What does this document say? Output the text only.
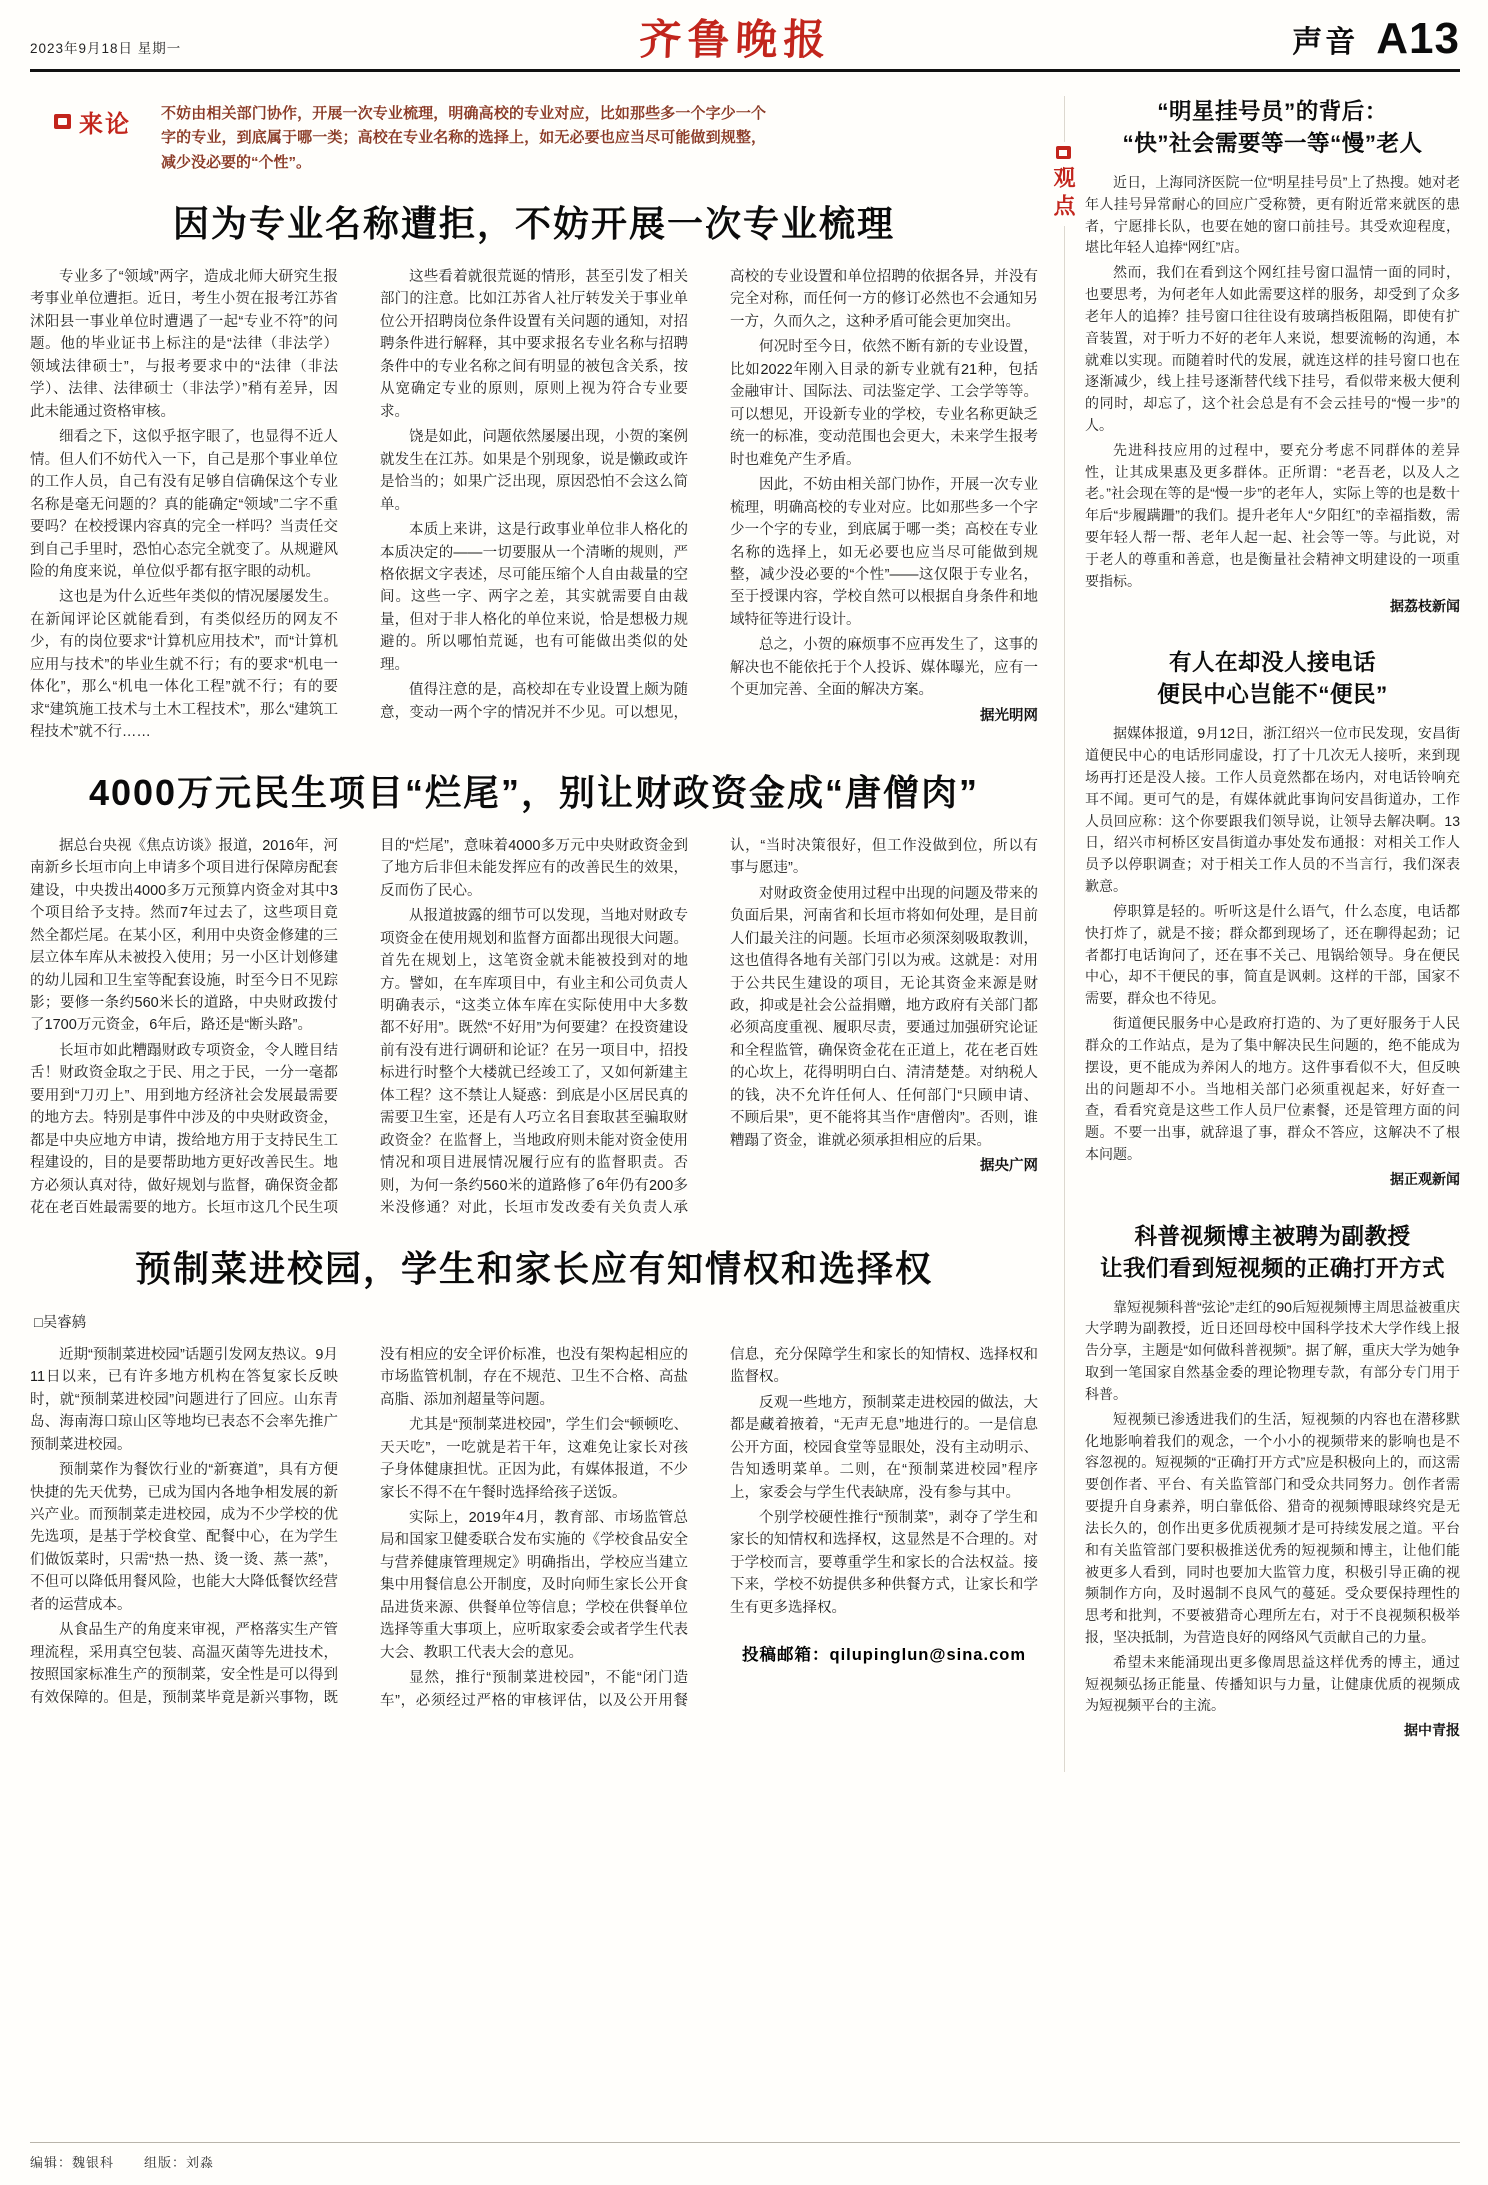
2023年9月18日 星期一	齐鲁晚报	声音 A13
来论 不妨由相关部门协作，开展一次专业梳理，明确高校的专业对应，比如那些多一个字少一个字的专业，到底属于哪一类；高校在专业名称的选择上，如无必要也应当尽可能做到规整，减少没必要的“个性”。
因为专业名称遭拒，不妨开展一次专业梳理

专业多了“领域”两字，造成北师大研究生报考事业单位遭拒。近日，考生小贺在报考江苏省沭阳县一事业单位时遭遇了一起“专业不符”的问题。他的毕业证书上标注的是“法律（非法学）领域法律硕士”，与报考要求中的“法律（非法学）、法律、法律硕士（非法学）”稍有差异，因此未能通过资格审核。

细看之下，这似乎抠字眼了，也显得不近人情。但人们不妨代入一下，自己是那个事业单位的工作人员，自己有没有足够自信确保这个专业名称是毫无问题的？真的能确定“领域”二字不重要吗？在校授课内容真的完全一样吗？当责任交到自己手里时，恐怕心态完全就变了。从规避风险的角度来说，单位似乎都有抠字眼的动机。

这也是为什么近些年类似的情况屡屡发生。在新闻评论区就能看到，有类似经历的网友不少，有的岗位要求“计算机应用技术”，而“计算机应用与技术”的毕业生就不行；有的要求“机电一体化”，那么“机电一体化工程”就不行；有的要求“建筑施工技术与土木工程技术”，那么“建筑工程技术”就不行……

这些看着就很荒诞的情形，甚至引发了相关部门的注意。比如江苏省人社厅转发关于事业单位公开招聘岗位条件设置有关问题的通知，对招聘条件进行解释，其中要求报名专业名称与招聘条件中的专业名称之间有明显的被包含关系，按从宽确定专业的原则，原则上视为符合专业要求。

饶是如此，问题依然屡屡出现，小贺的案例就发生在江苏。如果是个别现象，说是懒政或许是恰当的；如果广泛出现，原因恐怕不会这么简单。

本质上来讲，这是行政事业单位非人格化的本质决定的——一切要服从一个清晰的规则，严格依据文字表述，尽可能压缩个人自由裁量的空间。这些一字、两字之差，其实就需要自由裁量，但对于非人格化的单位来说，恰是想极力规避的。所以哪怕荒诞，也有可能做出类似的处理。

值得注意的是，高校却在专业设置上颇为随意，变动一两个字的情况并不少见。可以想见，高校的专业设置和单位招聘的依据各异，并没有完全对称，而任何一方的修订必然也不会通知另一方，久而久之，这种矛盾可能会更加突出。

何况时至今日，依然不断有新的专业设置，比如2022年刚入目录的新专业就有21种，包括金融审计、国际法、司法鉴定学、工会学等等。可以想见，开设新专业的学校，专业名称更缺乏统一的标准，变动范围也会更大，未来学生报考时也难免产生矛盾。

因此，不妨由相关部门协作，开展一次专业梳理，明确高校的专业对应。比如那些多一个字少一个字的专业，到底属于哪一类；高校在专业名称的选择上，如无必要也应当尽可能做到规整，减少没必要的“个性”——这仅限于专业名，至于授课内容，学校自然可以根据自身条件和地域特征等进行设计。

总之，小贺的麻烦事不应再发生了，这事的解决也不能依托于个人投诉、媒体曝光，应有一个更加完善、全面的解决方案。

据光明网

4000万元民生项目“烂尾”，别让财政资金成“唐僧肉”

据总台央视《焦点访谈》报道，2016年，河南新乡长垣市向上申请多个项目进行保障房配套建设，中央拨出4000多万元预算内资金对其中3个项目给予支持。然而7年过去了，这些项目竟然全都烂尾。在某小区，利用中央资金修建的三层立体车库从未被投入使用；另一小区计划修建的幼儿园和卫生室等配套设施，时至今日不见踪影；要修一条约560米长的道路，中央财政拨付了1700万元资金，6年后，路还是“断头路”。

长垣市如此糟蹋财政专项资金，令人瞠目结舌！财政资金取之于民、用之于民，一分一毫都要用到“刀刃上”、用到地方经济社会发展最需要的地方去。特别是事件中涉及的中央财政资金，都是中央应地方申请，拨给地方用于支持民生工程建设的，目的是要帮助地方更好改善民生。地方必须认真对待，做好规划与监督，确保资金都花在老百姓最需要的地方。长垣市这几个民生项目的“烂尾”，意味着4000多万元中央财政资金到了地方后非但未能发挥应有的改善民生的效果，反而伤了民心。

从报道披露的细节可以发现，当地对财政专项资金在使用规划和监督方面都出现很大问题。首先在规划上，这笔资金就未能被投到对的地方。譬如，在车库项目中，有业主和公司负责人明确表示，“这类立体车库在实际使用中大多数都不好用”。既然“不好用”为何要建？在投资建设前有没有进行调研和论证？在另一项目中，招投标进行时整个大楼就已经竣工了，又如何新建主体工程？这不禁让人疑惑：到底是小区居民真的需要卫生室，还是有人巧立名目套取甚至骗取财政资金？在监督上，当地政府则未能对资金使用情况和项目进展情况履行应有的监督职责。否则，为何一条约560米的道路修了6年仍有200多米没修通？对此，长垣市发改委有关负责人承认，“当时决策很好，但工作没做到位，所以有事与愿违”。

对财政资金使用过程中出现的问题及带来的负面后果，河南省和长垣市将如何处理，是目前人们最关注的问题。长垣市必须深刻吸取教训，这也值得各地有关部门引以为戒。这就是：对用于公共民生建设的项目，无论其资金来源是财政，抑或是社会公益捐赠，地方政府有关部门都必须高度重视、履职尽责，要通过加强研究论证和全程监管，确保资金花在正道上，花在老百姓的心坎上，花得明明白白、清清楚楚。对纳税人的钱，决不允许任何人、任何部门“只顾申请、不顾后果”，更不能将其当作“唐僧肉”。否则，谁糟蹋了资金，谁就必须承担相应的后果。

据央广网

预制菜进校园，学生和家长应有知情权和选择权
□吴睿鸫

近期“预制菜进校园”话题引发网友热议。9月11日以来，已有许多地方机构在答复家长反映时，就“预制菜进校园”问题进行了回应。山东青岛、海南海口琼山区等地均已表态不会率先推广预制菜进校园。

预制菜作为餐饮行业的“新赛道”，具有方便快捷的先天优势，已成为国内各地争相发展的新兴产业。而预制菜走进校园，成为不少学校的优先选项，是基于学校食堂、配餐中心，在为学生们做饭菜时，只需“热一热、烫一烫、蒸一蒸”，不但可以降低用餐风险，也能大大降低餐饮经营者的运营成本。

从食品生产的角度来审视，严格落实生产管理流程，采用真空包装、高温灭菌等先进技术，按照国家标准生产的预制菜，安全性是可以得到有效保障的。但是，预制菜毕竟是新兴事物，既没有相应的安全评价标准，也没有架构起相应的市场监管机制，存在不规范、卫生不合格、高盐高脂、添加剂超量等问题。

尤其是“预制菜进校园”，学生们会“顿顿吃、天天吃”，一吃就是若干年，这难免让家长对孩子身体健康担忧。正因为此，有媒体报道，不少家长不得不在午餐时选择给孩子送饭。

实际上，2019年4月，教育部、市场监管总局和国家卫健委联合发布实施的《学校食品安全与营养健康管理规定》明确指出，学校应当建立集中用餐信息公开制度，及时向师生家长公开食品进货来源、供餐单位等信息；学校在供餐单位选择等重大事项上，应听取家委会或者学生代表大会、教职工代表大会的意见。

显然，推行“预制菜进校园”，不能“闭门造车”，必须经过严格的审核评估，以及公开用餐信息，充分保障学生和家长的知情权、选择权和监督权。

反观一些地方，预制菜走进校园的做法，大都是藏着掖着，“无声无息”地进行的。一是信息公开方面，校园食堂等显眼处，没有主动明示、告知透明菜单。二则，在“预制菜进校园”程序上，家委会与学生代表缺席，没有参与其中。

个别学校硬性推行“预制菜”，剥夺了学生和家长的知情权和选择权，这显然是不合理的。对于学校而言，要尊重学生和家长的合法权益。接下来，学校不妨提供多种供餐方式，让家长和学生有更多选择权。

投稿邮箱：qilupinglun@sina.com

观点
“明星挂号员”的背后：
“快”社会需要等一等“慢”老人

近日，上海同济医院一位“明星挂号员”上了热搜。她对老年人挂号异常耐心的回应广受称赞，更有附近常来就医的患者，宁愿排长队，也要在她的窗口前挂号。其受欢迎程度，堪比年轻人追捧“网红”店。

然而，我们在看到这个网红挂号窗口温情一面的同时，也要思考，为何老年人如此需要这样的服务，却受到了众多老年人的追捧？挂号窗口往往设有玻璃挡板阻隔，即使有扩音装置，对于听力不好的老年人来说，想要流畅的沟通，本就难以实现。而随着时代的发展，就连这样的挂号窗口也在逐渐减少，线上挂号逐渐替代线下挂号，看似带来极大便利的同时，却忘了，这个社会总是有不会云挂号的“慢一步”的人。

先进科技应用的过程中，要充分考虑不同群体的差异性，让其成果惠及更多群体。正所谓：“老吾老，以及人之老。”社会现在等的是“慢一步”的老年人，实际上等的也是数十年后“步履蹒跚”的我们。提升老年人“夕阳红”的幸福指数，需要年轻人帮一帮、老年人起一起、社会等一等。与此说，对于老人的尊重和善意，也是衡量社会精神文明建设的一项重要指标。

据荔枝新闻

有人在却没人接电话
便民中心岂能不“便民”

据媒体报道，9月12日，浙江绍兴一位市民发现，安昌街道便民中心的电话形同虚设，打了十几次无人接听，来到现场再打还是没人接。工作人员竟然都在场内，对电话铃响充耳不闻。更可气的是，有媒体就此事询问安昌街道办，工作人员回应称：这个你要跟我们领导说，让领导去解决啊。13日，绍兴市柯桥区安昌街道办事处发布通报：对相关工作人员予以停职调查；对于相关工作人员的不当言行，我们深表歉意。

停职算是轻的。听听这是什么语气，什么态度，电话都快打炸了，就是不接；群众都到现场了，还在聊得起劲；记者都打电话询问了，还在事不关己、甩锅给领导。身在便民中心，却不干便民的事，简直是讽刺。这样的干部，国家不需要，群众也不待见。

街道便民服务中心是政府打造的、为了更好服务于人民群众的工作站点，是为了集中解决民生问题的，绝不能成为摆设，更不能成为养闲人的地方。这件事看似不大，但反映出的问题却不小。当地相关部门必须重视起来，好好查一查，看看究竟是这些工作人员尸位素餐，还是管理方面的问题。不要一出事，就辞退了事，群众不答应，这解决不了根本问题。

据正观新闻

科普视频博主被聘为副教授
让我们看到短视频的正确打开方式

靠短视频科普“弦论”走红的90后短视频博主周思益被重庆大学聘为副教授，近日还回母校中国科学技术大学作线上报告分享，主题是“如何做科普视频”。据了解，重庆大学为她争取到一笔国家自然基金委的理论物理专款，有部分专门用于科普。

短视频已渗透进我们的生活，短视频的内容也在潜移默化地影响着我们的观念，一个小小的视频带来的影响也是不容忽视的。短视频的“正确打开方式”应是积极向上的，而这需要创作者、平台、有关监管部门和受众共同努力。创作者需要提升自身素养，明白靠低俗、猎奇的视频博眼球终究是无法长久的，创作出更多优质视频才是可持续发展之道。平台和有关监管部门要积极推送优秀的短视频和博主，让他们能被更多人看到，同时也要加大监管力度，积极引导正确的视频制作方向，及时遏制不良风气的蔓延。受众要保持理性的思考和批判，不要被猎奇心理所左右，对于不良视频积极举报，坚决抵制，为营造良好的网络风气贡献自己的力量。

希望未来能涌现出更多像周思益这样优秀的博主，通过短视频弘扬正能量、传播知识与力量，让健康优质的视频成为短视频平台的主流。

据中青报

编辑：魏银科 组版：刘淼
